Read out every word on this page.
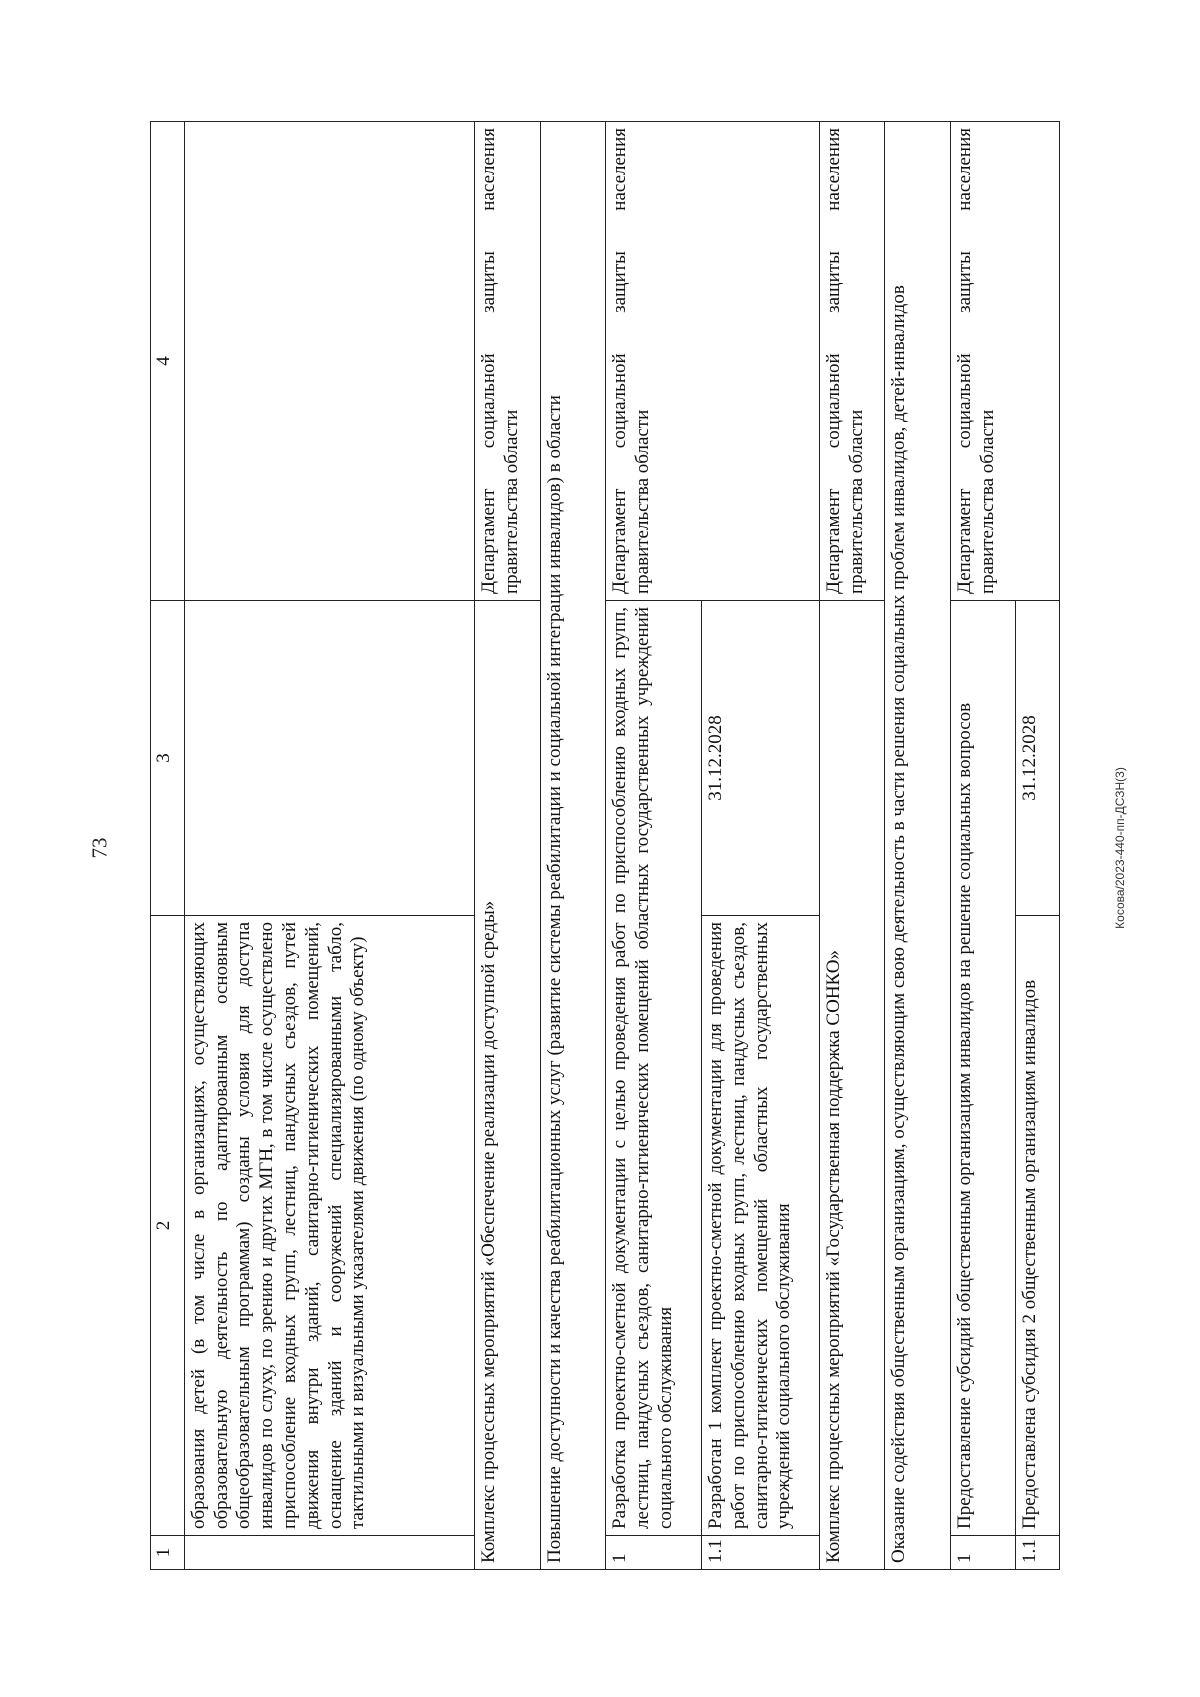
73	Косова/2023-440-пп-ДСЗН(3)
1	2	3	4
	образования детей (в том числе в организациях, осуществляющих образовательную деятельность по адаптированным основным общеобразовательным программам) созданы условия для доступа инвалидов по слуху, по зрению и других МГН, в том числе осуществлено приспособление входных групп, лестниц, пандусных съездов, путей движения внутри зданий, санитарно-гигиенических помещений, оснащение зданий и сооружений специализированными табло, тактильными и визуальными указателями движения (по одному объекту)		
Комплекс процессных мероприятий «Обеспечение реализации доступной среды»			Департамент социальной защиты населения правительства области
Повышение доступности и качества реабилитационных услуг (развитие системы реабилитации и социальной интеграции инвалидов) в области			
1	Разработка проектно-сметной документации с целью проведения работ по приспособлению входных групп, лестниц, пандусных съездов, санитарно-гигиенических помещений областных государственных учреждений социального обслуживания		Департамент социальной защиты населения правительства области
1.1	Разработан 1 комплект проектно-сметной документации для проведения работ по приспособлению входных групп, лестниц, пандусных съездов, санитарно-гигиенических помещений областных государственных учреждений социального обслуживания	31.12.2028	
Комплекс процессных мероприятий «Государственная поддержка СОНКО»			Департамент социальной защиты населения правительства области
Оказание содействия общественным организациям, осуществляющим свою деятельность в части решения социальных проблем инвалидов, детей-инвалидов			
1	Предоставление субсидий общественным организациям инвалидов на решение социальных вопросов		Департамент социальной защиты населения правительства области
1.1	Предоставлена субсидия 2 общественным организациям инвалидов	31.12.2028	
